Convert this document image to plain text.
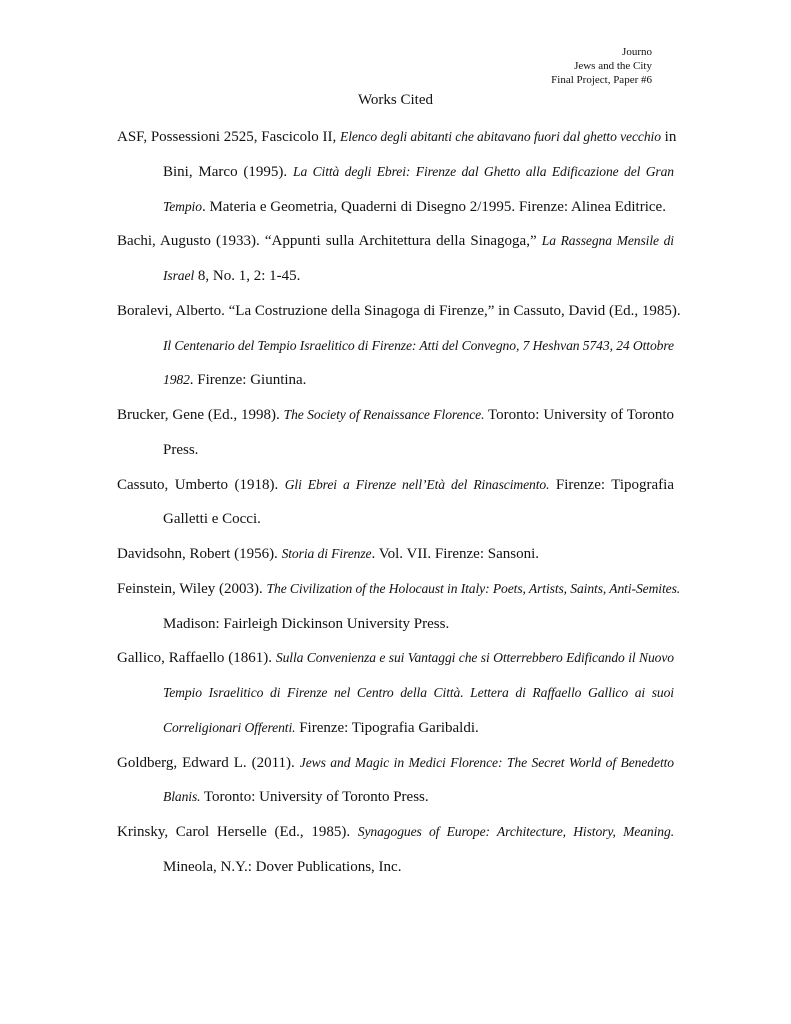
Journo
Jews and the City
Final Project, Paper #6
Works Cited
ASF, Possessioni 2525, Fascicolo II, Elenco degli abitanti che abitavano fuori dal ghetto vecchio in
Bini, Marco (1995). La Città degli Ebrei: Firenze dal Ghetto alla Edificazione del Gran
Tempio. Materia e Geometria, Quaderni di Disegno 2/1995. Firenze: Alinea Editrice.
Bachi, Augusto (1933). “Appunti sulla Architettura della Sinagoga,” La Rassegna Mensile di
Israel 8, No. 1, 2: 1-45.
Boralevi, Alberto. “La Costruzione della Sinagoga di Firenze,” in Cassuto, David (Ed., 1985).
Il Centenario del Tempio Israelitico di Firenze: Atti del Convegno, 7 Heshvan 5743, 24 Ottobre
1982. Firenze: Giuntina.
Brucker, Gene (Ed., 1998). The Society of Renaissance Florence. Toronto: University of Toronto
Press.
Cassuto, Umberto (1918). Gli Ebrei a Firenze nell’Età del Rinascimento. Firenze: Tipografia
Galletti e Cocci.
Davidsohn, Robert (1956). Storia di Firenze. Vol. VII. Firenze: Sansoni.
Feinstein, Wiley (2003). The Civilization of the Holocaust in Italy: Poets, Artists, Saints, Anti-Semites.
Madison: Fairleigh Dickinson University Press.
Gallico, Raffaello (1861). Sulla Convenienza e sui Vantaggi che si Otterrebbero Edificando il Nuovo
Tempio Israelitico di Firenze nel Centro della Città. Lettera di Raffaello Gallico ai suoi
Correligionari Offerenti. Firenze: Tipografia Garibaldi.
Goldberg, Edward L. (2011). Jews and Magic in Medici Florence: The Secret World of Benedetto
Blanis. Toronto: University of Toronto Press.
Krinsky, Carol Herselle (Ed., 1985). Synagogues of Europe: Architecture, History, Meaning.
Mineola, N.Y.: Dover Publications, Inc.
